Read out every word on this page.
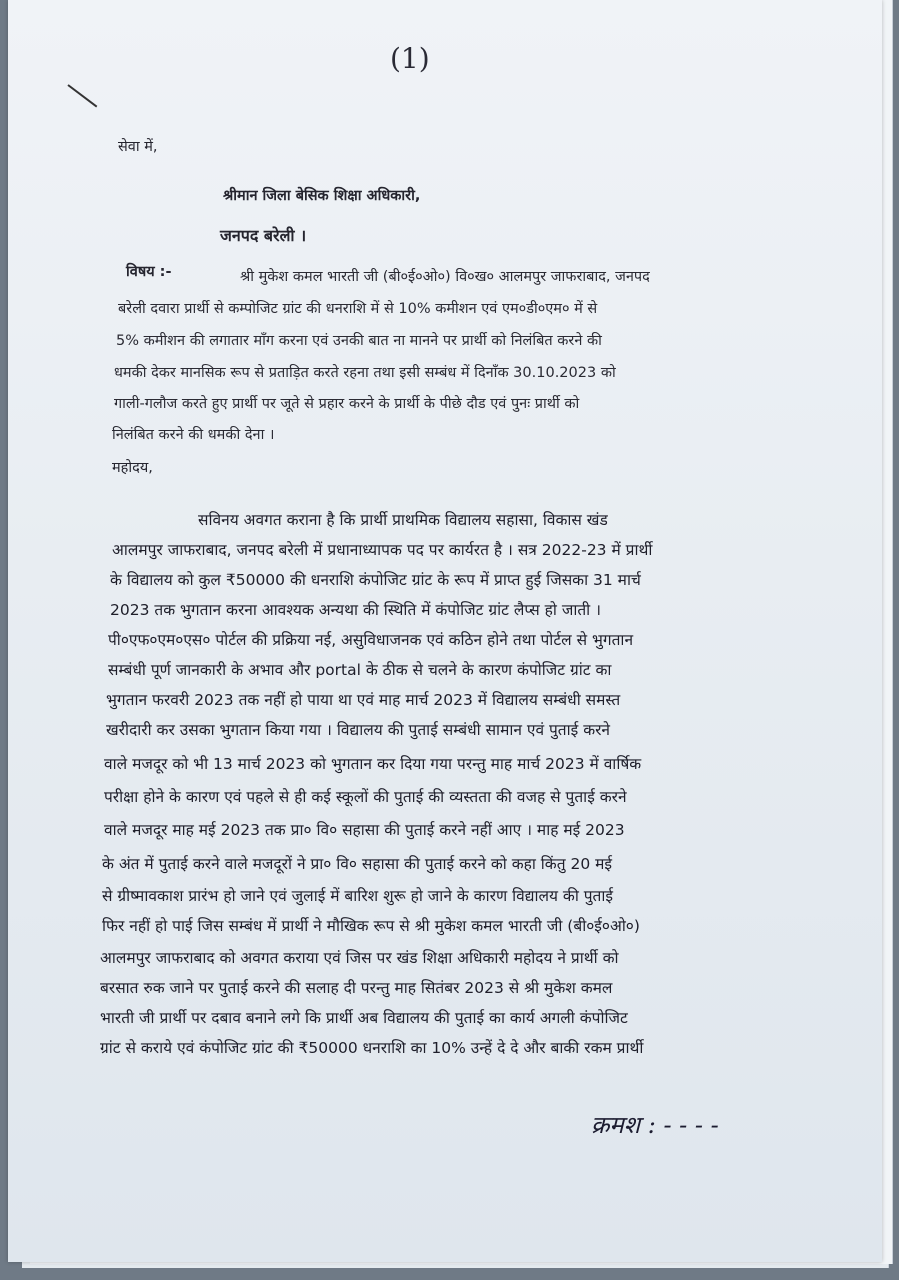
(1)
सेवा में,
श्रीमान जिला बेसिक शिक्षा अधिकारी,
जनपद बरेली ।
विषय :-	श्री मुकेश कमल भारती जी (बी०ई०ओ०) वि०ख० आलमपुर जाफराबाद, जनपद
बरेली दवारा प्रार्थी से कम्पोजिट ग्रांट की धनराशि में से 10% कमीशन एवं एम०डी०एम० में से
5% कमीशन की लगातार माँग करना एवं उनकी बात ना मानने पर प्रार्थी को निलंबित करने की
धमकी देकर मानसिक रूप से प्रताड़ित करते रहना तथा इसी सम्बंध में दिनाँक 30.10.2023 को
गाली-गलौज करते हुए प्रार्थी पर जूते से प्रहार करने के प्रार्थी के पीछे दौड एवं पुनः प्रार्थी को
निलंबित करने की धमकी देना ।
महोदय,
सविनय अवगत कराना है कि प्रार्थी प्राथमिक विद्यालय सहासा, विकास खंड
आलमपुर जाफराबाद, जनपद बरेली में प्रधानाध्यापक पद पर कार्यरत है । सत्र 2022-23 में प्रार्थी
के विद्यालय को कुल ₹50000 की धनराशि कंपोजिट ग्रांट के रूप में प्राप्त हुई जिसका 31 मार्च
2023 तक भुगतान करना आवश्यक अन्यथा की स्थिति में कंपोजिट ग्रांट लैप्स हो जाती ।
पी०एफ०एम०एस० पोर्टल की प्रक्रिया नई, असुविधाजनक एवं कठिन होने तथा पोर्टल से भुगतान
सम्बंधी पूर्ण जानकारी के अभाव और portal के ठीक से चलने के कारण कंपोजिट ग्रांट का
भुगतान फरवरी 2023 तक नहीं हो पाया था एवं माह मार्च 2023 में विद्यालय सम्बंधी समस्त
खरीदारी कर उसका भुगतान किया गया । विद्यालय की पुताई सम्बंधी सामान एवं पुताई करने
वाले मजदूर को भी 13 मार्च 2023 को भुगतान कर दिया गया परन्तु माह मार्च 2023 में वार्षिक
परीक्षा होने के कारण एवं पहले से ही कई स्कूलों की पुताई की व्यस्तता की वजह से पुताई करने
वाले मजदूर माह मई 2023 तक प्रा० वि० सहासा की पुताई करने नहीं आए । माह मई 2023
के अंत में पुताई करने वाले मजदूरों ने प्रा० वि० सहासा की पुताई करने को कहा किंतु 20 मई
से ग्रीष्मावकाश प्रारंभ हो जाने एवं जुलाई में बारिश शुरू हो जाने के कारण विद्यालय की पुताई
फिर नहीं हो पाई जिस सम्बंध में प्रार्थी ने मौखिक रूप से श्री मुकेश कमल भारती जी (बी०ई०ओ०)
आलमपुर जाफराबाद को अवगत कराया एवं जिस पर खंड शिक्षा अधिकारी महोदय ने प्रार्थी को
बरसात रुक जाने पर पुताई करने की सलाह दी परन्तु माह सितंबर 2023 से श्री मुकेश कमल
भारती जी प्रार्थी पर दबाव बनाने लगे कि प्रार्थी अब विद्यालय की पुताई का कार्य अगली कंपोजिट
ग्रांट से कराये एवं कंपोजिट ग्रांट की ₹50000 धनराशि का 10% उन्हें दे दे और बाकी रकम प्रार्थी
क्रमश : - - - -
